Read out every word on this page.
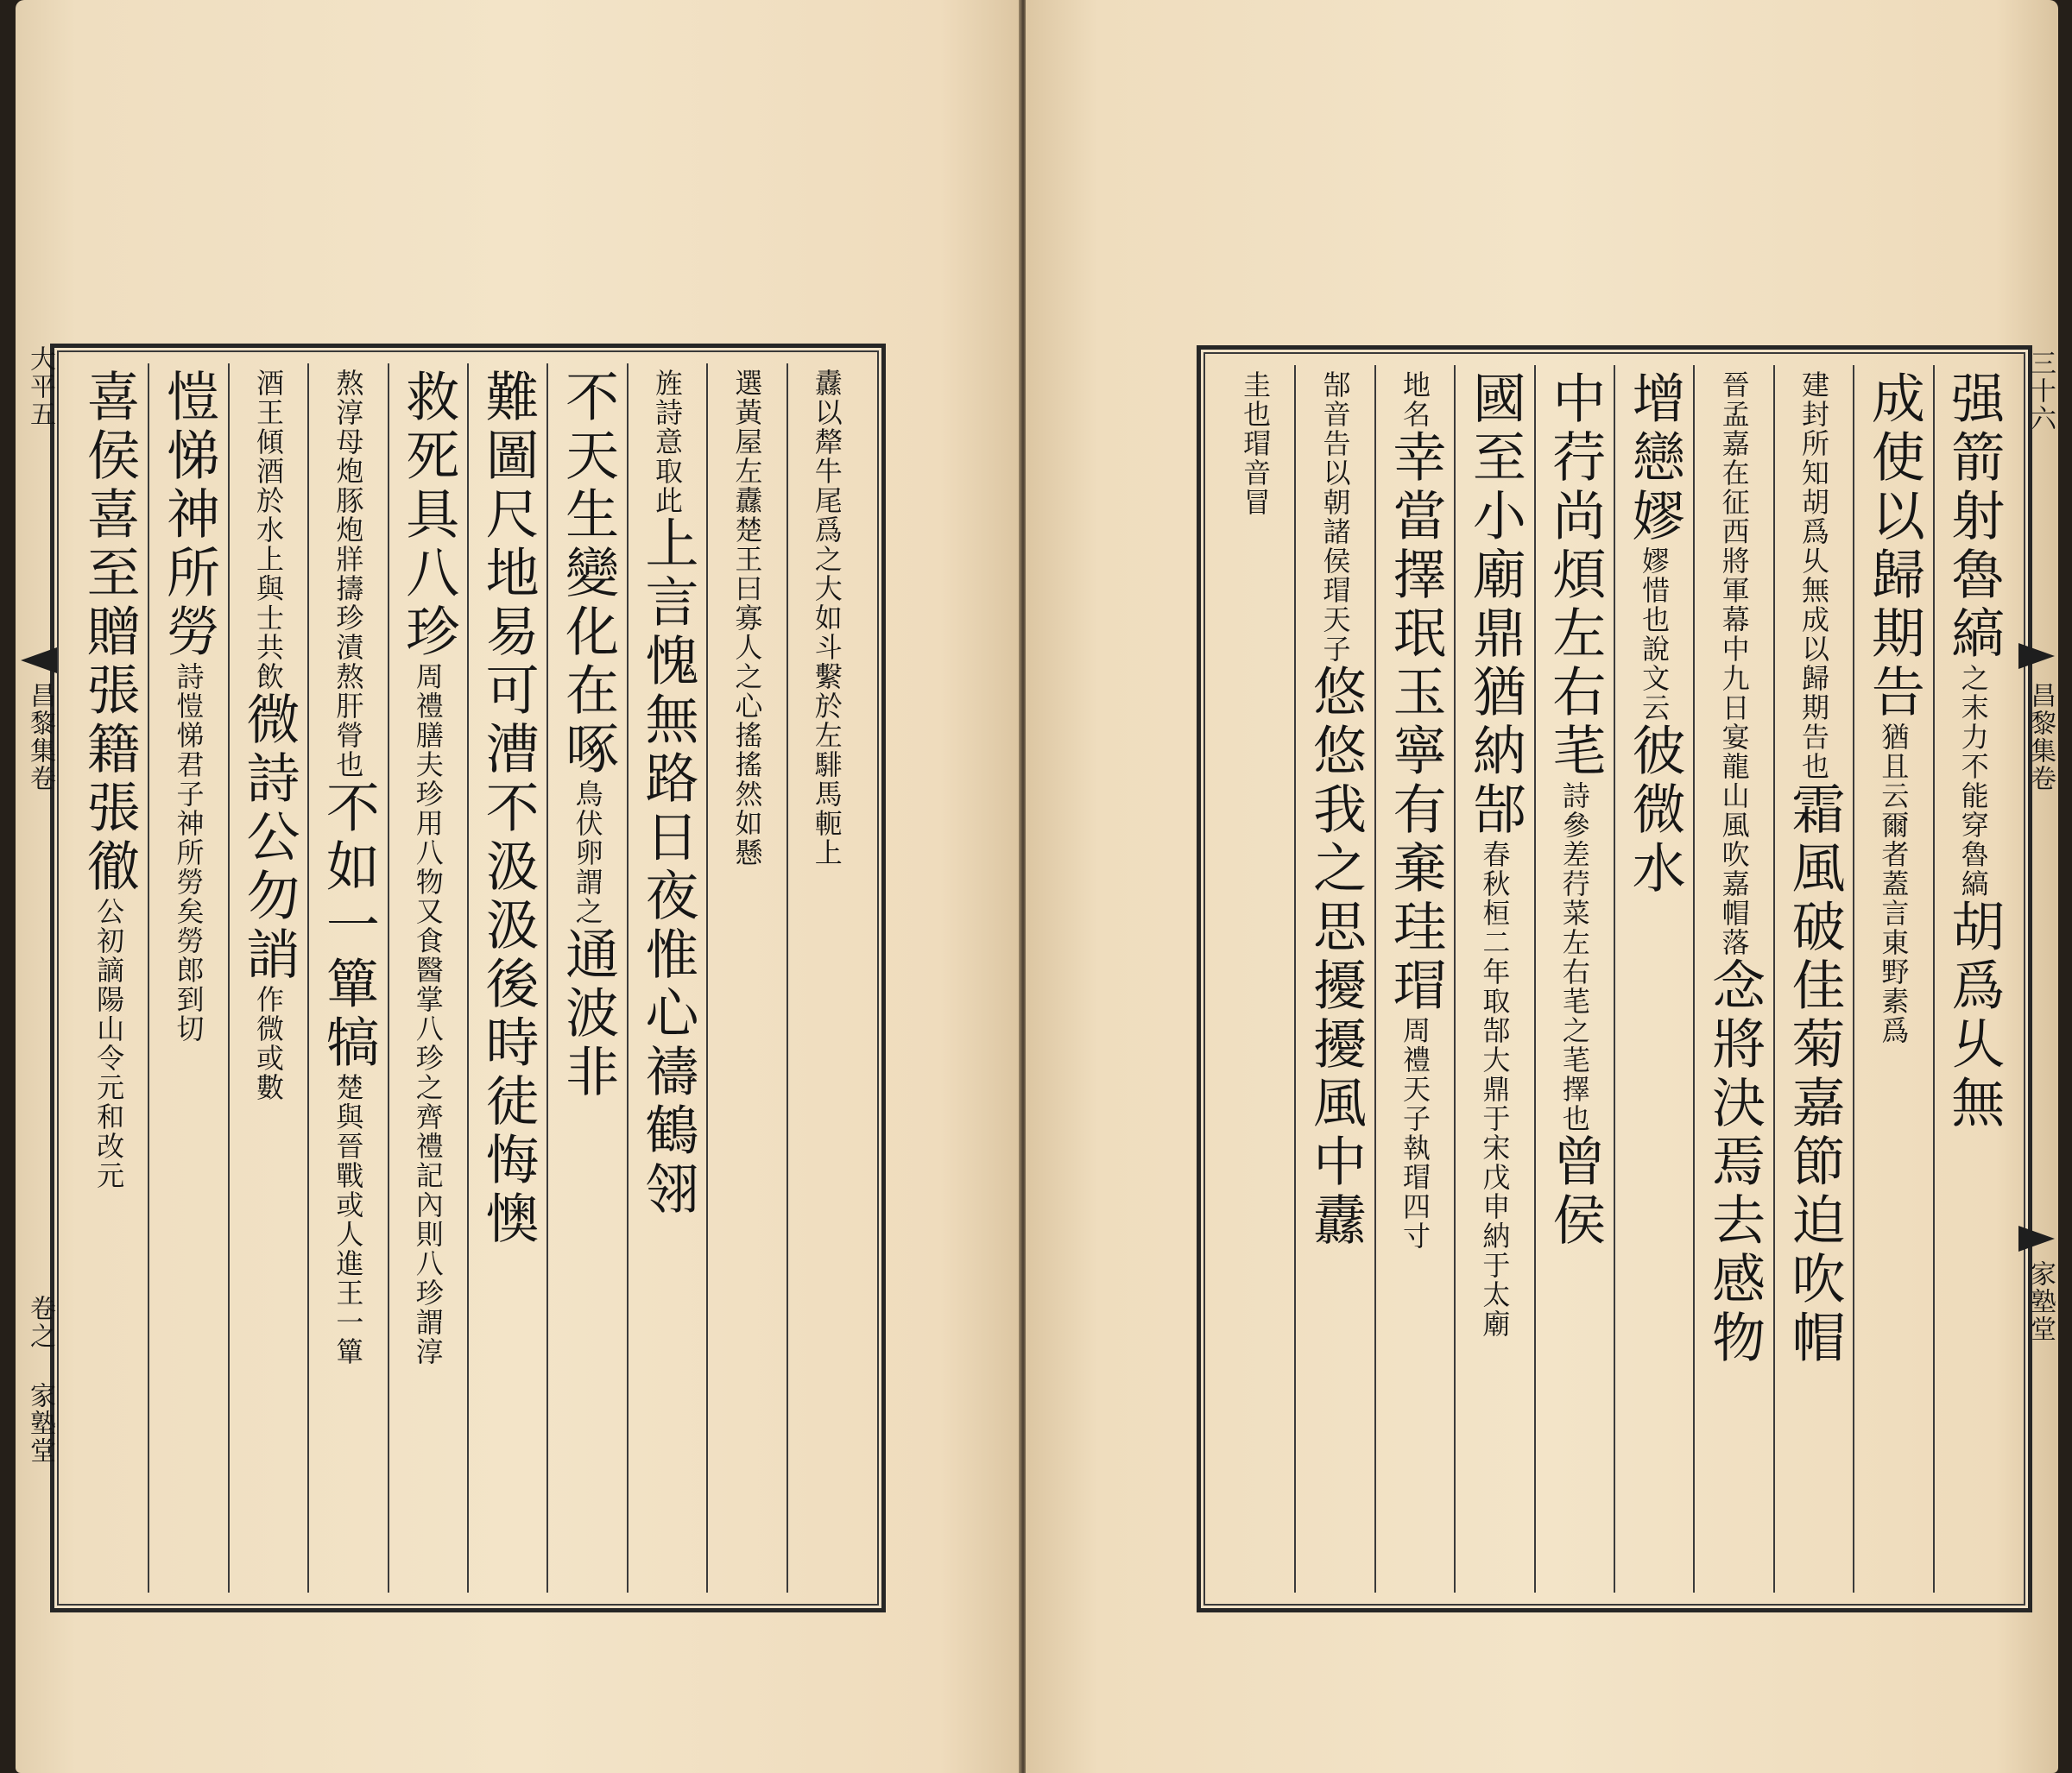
纛以犛牛尾爲之大如斗繫於左騑馬軛上
選黃屋左纛楚王曰寡人之心搖搖然如懸
旌詩意取此上言愧無路日夜惟心禱鶴翎
不天生變化在啄鳥伏卵謂之通波非
難圖尺地易可漕不汲汲後時徒悔懊
救死具八珍周禮膳夫珍用八物又食醫掌八珍之齊禮記內則八珍謂淳
熬淳母炮豚炮牂擣珍漬熬肝膋也不如一簞犒楚與晉戰或人進王一簞
酒王傾酒於水上與士共飲微詩公勿誚作微或數
愷悌神所勞詩愷悌君子神所勞矣勞郎到切
喜侯喜至贈張籍張徹公初謫陽山令元和改元
大平五
昌黎集卷
卷之 家塾堂
强箭射魯縞之末力不能穿魯縞胡爲乆無
成使以歸期告猶且云爾者蓋言東野素爲
建封所知胡爲乆無成以歸期告也霜風破佳菊嘉節迫吹帽
晉孟嘉在征西將軍幕中九日宴龍山風吹嘉帽落念將決焉去感物
增戀嫪嫪惜也說文云彼微水
中荇尚煩左右芼詩參差荇菜左右芼之芼擇也曾侯
國至小廟鼎猶納郜春秋桓二年取郜大鼎于宋戊申納于太廟
地名幸當擇珉玉寧有棄珪瑁周禮天子執瑁四寸
郜音告以朝諸侯瑁天子悠悠我之思擾擾風中纛
圭也瑁音冒	三十六
昌黎集卷
家塾堂
